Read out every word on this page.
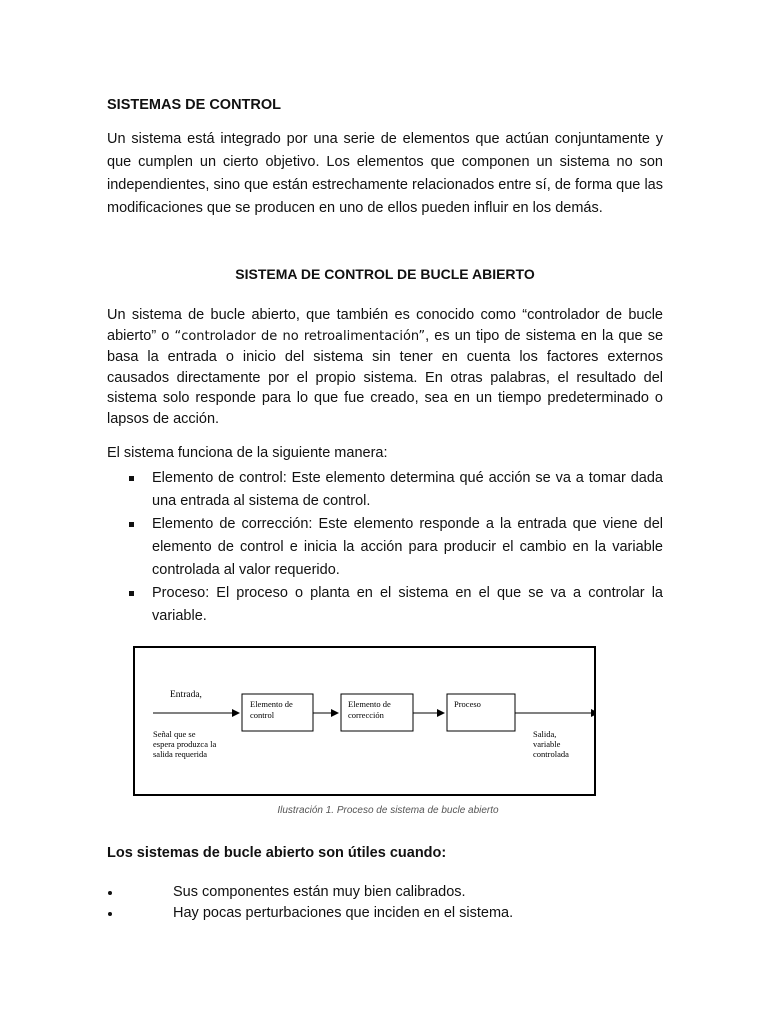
SISTEMAS DE CONTROL

Un sistema está integrado por una serie de elementos que actúan conjuntamente y que cumplen un cierto objetivo. Los elementos que componen un sistema no son independientes, sino que están estrechamente relacionados entre sí, de forma que las modificaciones que se producen en uno de ellos pueden influir en los demás.

SISTEMA DE CONTROL DE BUCLE ABIERTO

Un sistema de bucle abierto, que también es conocido como “controlador de bucle abierto” o “controlador de no retroalimentación”, es un tipo de sistema en la que se basa la entrada o inicio del sistema sin tener en cuenta los factores externos causados directamente por el propio sistema. En otras palabras, el resultado del sistema solo responde para lo que fue creado, sea en un tiempo predeterminado o lapsos de acción.

El sistema funciona de la siguiente manera:

Elemento de control: Este elemento determina qué acción se va a tomar dada una entrada al sistema de control.
Elemento de corrección: Este elemento responde a la entrada que viene del elemento de control e inicia la acción para producir el cambio en la variable controlada al valor requerido.
Proceso: El proceso o planta en el sistema en el que se va a controlar la variable.
Entrada,
Señal que se
espera produzca la
salida requerida
Elemento de
control
Elemento de
corrección
Proceso
Salida,
variable
controlada
Ilustración 1. Proceso de sistema de bucle abierto
Los sistemas de bucle abierto son útiles cuando:
Sus componentes están muy bien calibrados.
Hay pocas perturbaciones que inciden en el sistema.
